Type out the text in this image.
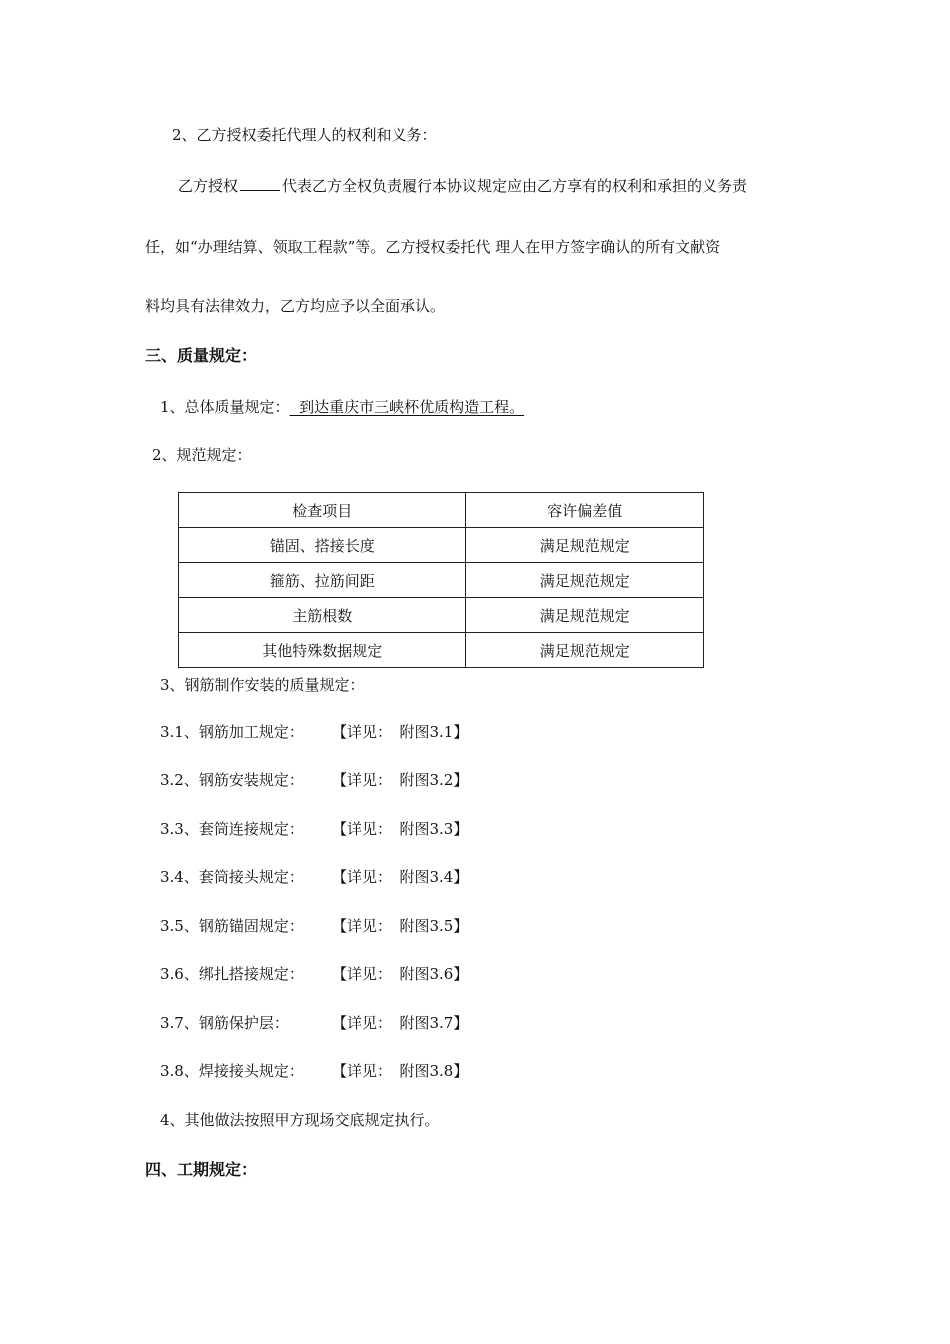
2、乙方授权委托代理人的权利和义务：
乙方授权	代表乙方全权负责履行本协议规定应由乙方享有的权利和承担的义务责
任，如“办理结算、领取工程款”等。乙方授权委托代 理人在甲方签字确认的所有文献资
料均具有法律效力，乙方均应予以全面承认。
三、质量规定：
1、总体质量规定：  到达重庆市三峡杯优质构造工程。
2、规范规定：
检查项目	容许偏差值
锚固、搭接长度	满足规范规定
箍筋、拉筋间距	满足规范规定
主筋根数	满足规范规定
其他特殊数据规定	满足规范规定
3、钢筋制作安装的质量规定：
3.1、钢筋加工规定： 【详见：　附图3.1】
3.2、钢筋安装规定： 【详见：　附图3.2】
3.3、套筒连接规定： 【详见：　附图3.3】
3.4、套筒接头规定： 【详见：　附图3.4】
3.5、钢筋锚固规定： 【详见：　附图3.5】
3.6、绑扎搭接规定： 【详见：　附图3.6】
3.7、钢筋保护层：	【详见：　附图3.7】
3.8、焊接接头规定： 【详见：　附图3.8】
4、其他做法按照甲方现场交底规定执行。
四、工期规定：
